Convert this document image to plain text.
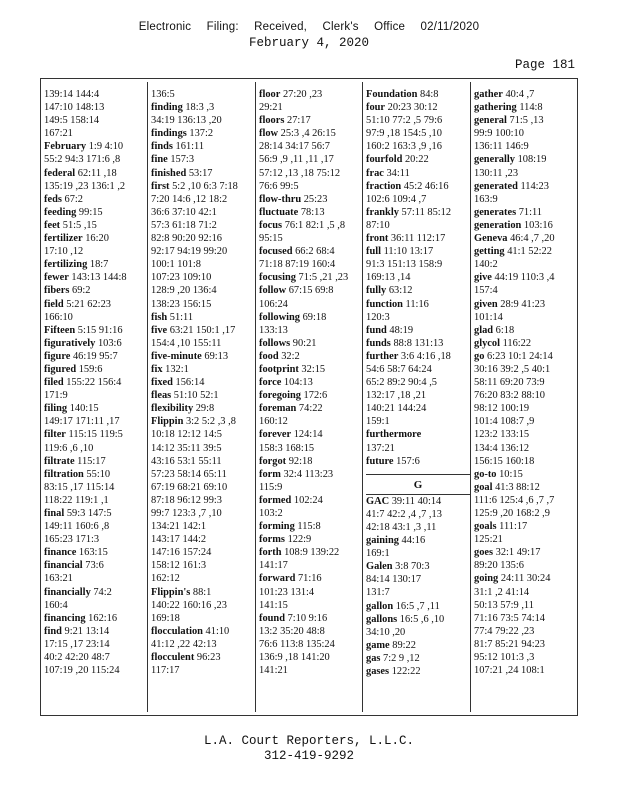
Electronic Filing: Received, Clerk's Office 02/11/2020
February 4, 2020
Page 181
139:14 144:4
147:10 148:13
149:5 158:14
167:21
February 1:9 4:10
55:2 94:3 171:6 ,8
federal 62:11 ,18
135:19 ,23 136:1 ,2
feds 67:2
feeding 99:15
feet 51:5 ,15
fertilizer 16:20
17:10 ,12
fertilizing 18:7
fewer 143:13 144:8
fibers 69:2
field 5:21 62:23
166:10
Fifteen 5:15 91:16
figuratively 103:6
figure 46:19 95:7
figured 159:6
filed 155:22 156:4
171:9
filing 140:15
149:17 171:11 ,17
filter 115:15 119:5
119:6 ,6 ,10
filtrate 115:17
filtration 55:10
83:15 ,17 115:14
118:22 119:1 ,1
final 59:3 147:5
149:11 160:6 ,8
165:23 171:3
finance 163:15
financial 73:6
163:21
financially 74:2
160:4
financing 162:16
find 9:21 13:14
17:15 ,17 23:14
40:2 42:20 48:7
107:19 ,20 115:24
136:5
finding 18:3 ,3
34:19 136:13 ,20
findings 137:2
finds 161:11
fine 157:3
finished 53:17
first 5:2 ,10 6:3 7:18
7:20 14:6 ,12 18:2
36:6 37:10 42:1
57:3 61:18 71:2
82:8 90:20 92:16
92:17 94:19 99:20
100:1 101:8
107:23 109:10
128:9 ,20 136:4
138:23 156:15
fish 51:11
five 63:21 150:1 ,17
154:4 ,10 155:11
five-minute 69:13
fix 132:1
fixed 156:14
fleas 51:10 52:1
flexibility 29:8
Flippin 3:2 5:2 ,3 ,8
10:18 12:12 14:5
14:12 35:11 39:5
43:16 53:1 55:11
57:23 58:14 65:11
67:19 68:21 69:10
87:18 96:12 99:3
99:7 123:3 ,7 ,10
134:21 142:1
143:17 144:2
147:16 157:24
158:12 161:3
162:12
Flippin's 88:1
140:22 160:16 ,23
169:18
flocculation 41:10
41:12 ,22 42:13
flocculent 96:23
117:17
floor 27:20 ,23
29:21
floors 27:17
flow 25:3 ,4 26:15
28:14 34:17 56:7
56:9 ,9 ,11 ,11 ,17
57:12 ,13 ,18 75:12
76:6 99:5
flow-thru 25:23
fluctuate 78:13
focus 76:1 82:1 ,5 ,8
95:15
focused 66:2 68:4
71:18 87:19 160:4
focusing 71:5 ,21 ,23
follow 67:15 69:8
106:24
following 69:18
133:13
follows 90:21
food 32:2
footprint 32:15
force 104:13
foregoing 172:6
foreman 74:22
160:12
forever 124:14
158:3 168:15
forgot 92:18
form 32:4 113:23
115:9
formed 102:24
103:2
forming 115:8
forms 122:9
forth 108:9 139:22
141:17
forward 71:16
101:23 131:4
141:15
found 7:10 9:16
13:2 35:20 48:8
76:6 113:8 135:24
136:9 ,18 141:20
141:21
Foundation 84:8
four 20:23 30:12
51:10 77:2 ,5 79:6
97:9 ,18 154:5 ,10
160:2 163:3 ,9 ,16
fourfold 20:22
frac 34:11
fraction 45:2 46:16
102:6 109:4 ,7
frankly 57:11 85:12
87:10
front 36:11 112:17
full 11:10 13:17
91:3 151:13 158:9
169:13 ,14
fully 63:12
function 11:16
120:3
fund 48:19
funds 88:8 131:13
further 3:6 4:16 ,18
54:6 58:7 64:24
65:2 89:2 90:4 ,5
132:17 ,18 ,21
140:21 144:24
159:1
furthermore
137:21
future 157:6
G
GAC 39:11 40:14
41:7 42:2 ,4 ,7 ,13
42:18 43:1 ,3 ,11
gaining 44:16
169:1
Galen 3:8 70:3
84:14 130:17
131:7
gallon 16:5 ,7 ,11
gallons 16:5 ,6 ,10
34:10 ,20
game 89:22
gas 7:2 9 ,12
gases 122:22
gather 40:4 ,7
gathering 114:8
general 71:5 ,13
99:9 100:10
136:11 146:9
generally 108:19
130:11 ,23
generated 114:23
163:9
generates 71:11
generation 103:16
Geneva 46:4 ,7 ,20
getting 41:1 52:22
140:2
give 44:19 110:3 ,4
157:4
given 28:9 41:23
101:14
glad 6:18
glycol 116:22
go 6:23 10:1 24:14
30:16 39:2 ,5 40:1
58:11 69:20 73:9
76:20 83:2 88:10
98:12 100:19
101:4 108:7 ,9
123:2 133:15
134:4 136:12
156:15 160:18
go-to 10:15
goal 41:3 88:12
111:6 125:4 ,6 ,7 ,7
125:9 ,20 168:2 ,9
goals 111:17
125:21
goes 32:1 49:17
89:20 135:6
going 24:11 30:24
31:1 ,2 41:14
50:13 57:9 ,11
71:16 73:5 74:14
77:4 79:22 ,23
81:7 85:21 94:23
95:12 101:3 ,3
107:21 ,24 108:1
L.A. Court Reporters, L.L.C.
312-419-9292
